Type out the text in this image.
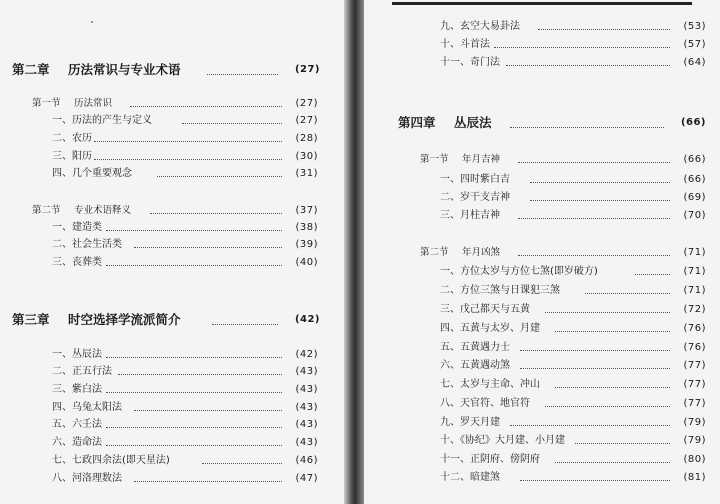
第二章 历法常识与专业术语	(27)
第一节 历法常识	(27)
一、历法的产生与定义	(27)
二、农历	(28)
三、阳历	(30)
四、几个重要观念	(31)
第二节 专业术语释义	(37)
一、建造类	(38)
二、社会生活类	(39)
三、丧葬类	(40)
第三章 时空选择学流派简介	(42)
一、丛辰法	(42)
二、正五行法	(43)
三、紫白法	(43)
四、乌兔太阳法	(43)
五、六壬法	(43)
六、造命法	(43)
七、七政四余法(即天星法)	(46)
八、河洛理数法	(47)
九、玄空大易卦法	(53)
十、斗首法	(57)
十一、奇门法	(64)
第四章 丛辰法	(66)
第一节 年月吉神	(66)
一、四时紫白吉	(66)
二、岁干支吉神	(69)
三、月柱吉神	(70)
第二节 年月凶煞	(71)
一、方位太岁与方位七煞(即岁破方)	(71)
二、方位三煞与日课犯三煞	(71)
三、戊己都天与五黄	(72)
四、五黄与太岁、月建	(76)
五、五黄遇力士	(76)
六、五黄遇动煞	(77)
七、太岁与主命、冲山	(77)
八、天官符、地官符	(77)
九、罗天月建	(79)
十、《协纪》大月建、小月建	(79)
十一、正阴府、傍阴府	(80)
十二、暗建煞	(81)
